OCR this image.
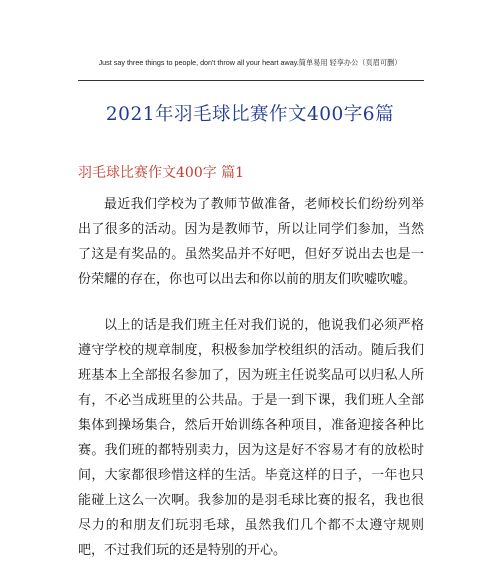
Just say three things to people, don't throw all your heart away.简单易用 轻享办公（页眉可删）
2021年羽毛球比赛作文400字6篇
羽毛球比赛作文400字 篇1

最近我们学校为了教师节做准备，老师校长们纷纷列举出了很多的活动。因为是教师节，所以让同学们参加，当然了这是有奖品的。虽然奖品并不好吧，但好歹说出去也是一份荣耀的存在，你也可以出去和你以前的朋友们吹嘘吹嘘。

以上的话是我们班主任对我们说的，他说我们必须严格遵守学校的规章制度，积极参加学校组织的活动。随后我们班基本上全部报名参加了，因为班主任说奖品可以归私人所有，不必当成班里的公共品。于是一到下课，我们班人全部集体到操场集合，然后开始训练各种项目，准备迎接各种比赛。我们班的都特别卖力，因为这是好不容易才有的放松时间，大家都很珍惜这样的生活。毕竟这样的日子，一年也只能碰上这么一次啊。我参加的是羽毛球比赛的报名，我也很尽力的和朋友们玩羽毛球，虽然我们几个都不太遵守规则吧，不过我们玩的还是特别的开心。
